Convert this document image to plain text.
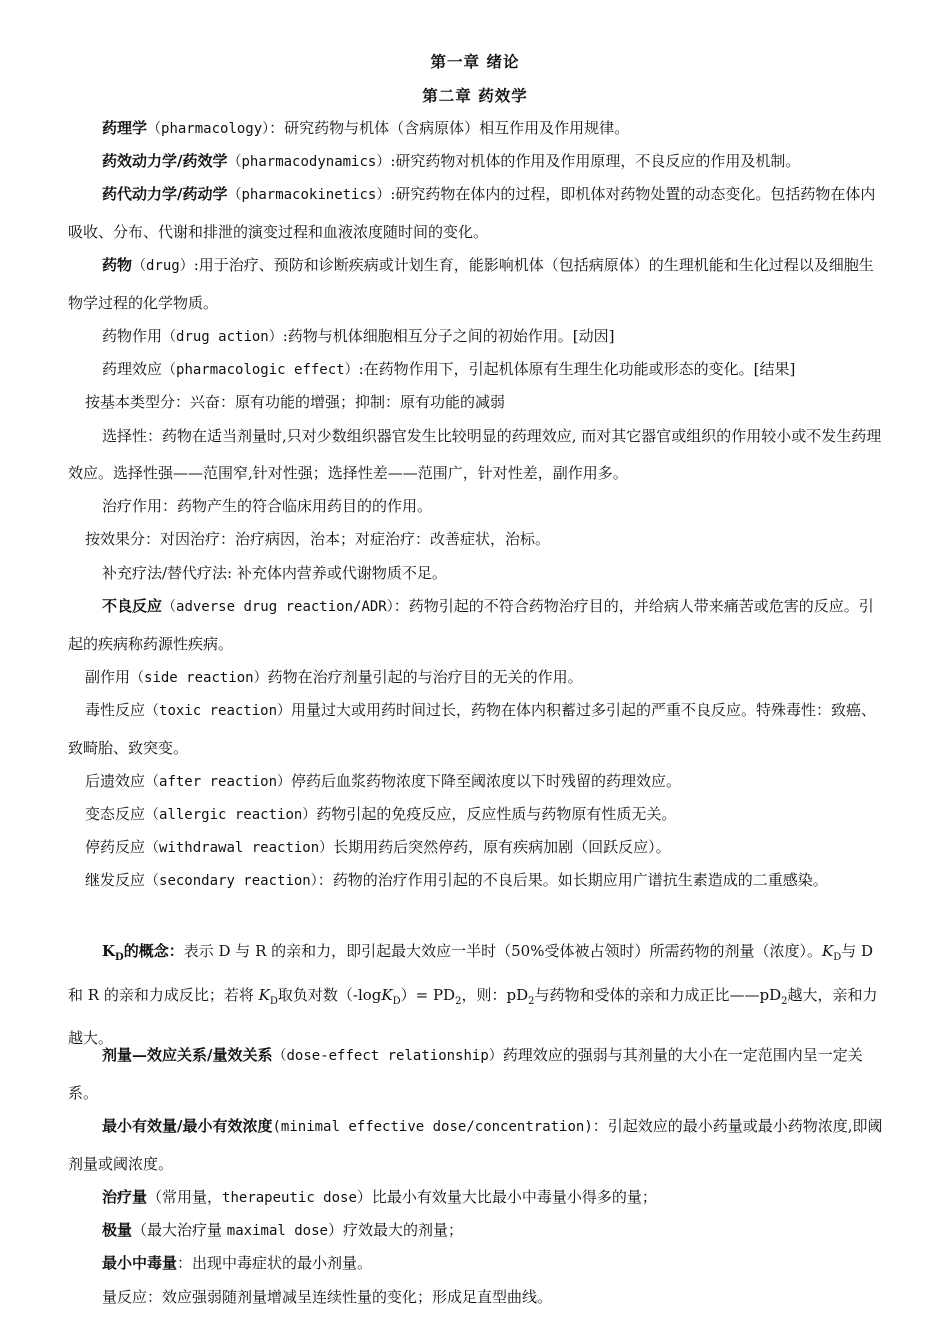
第一章 绪论
第二章 药效学
药理学（pharmacology）：研究药物与机体（含病原体）相互作用及作用规律。
药效动力学/药效学（pharmacodynamics）:研究药物对机体的作用及作用原理，不良反应的作用及机制。
药代动力学/药动学（pharmacokinetics）:研究药物在体内的过程，即机体对药物处置的动态变化。包括药物在体内吸收、分布、代谢和排泄的演变过程和血液浓度随时间的变化。
药物（drug）:用于治疗、预防和诊断疾病或计划生育，能影响机体（包括病原体）的生理机能和生化过程以及细胞生物学过程的化学物质。
药物作用（drug action）:药物与机体细胞相互分子之间的初始作用。[动因]
药理效应（pharmacologic effect）:在药物作用下，引起机体原有生理生化功能或形态的变化。[结果]
按基本类型分：兴奋：原有功能的增强；抑制：原有功能的减弱
选择性：药物在适当剂量时,只对少数组织器官发生比较明显的药理效应, 而对其它器官或组织的作用较小或不发生药理效应。选择性强——范围窄,针对性强；选择性差——范围广，针对性差，副作用多。
治疗作用：药物产生的符合临床用药目的的作用。
按效果分：对因治疗：治疗病因，治本；对症治疗：改善症状，治标。
补充疗法/替代疗法: 补充体内营养或代谢物质不足。
不良反应（adverse drug reaction/ADR）：药物引起的不符合药物治疗目的，并给病人带来痛苦或危害的反应。引起的疾病称药源性疾病。
副作用（side reaction）药物在治疗剂量引起的与治疗目的无关的作用。
毒性反应（toxic reaction）用量过大或用药时间过长，药物在体内积蓄过多引起的严重不良反应。特殊毒性：致癌、致畸胎、致突变。
后遗效应（after reaction）停药后血浆药物浓度下降至阈浓度以下时残留的药理效应。
变态反应（allergic reaction）药物引起的免疫反应，反应性质与药物原有性质无关。
停药反应（withdrawal reaction）长期用药后突然停药，原有疾病加剧（回跃反应）。
继发反应（secondary reaction）：药物的治疗作用引起的不良后果。如长期应用广谱抗生素造成的二重感染。
$K_D$的概念：表示 D 与 R 的亲和力，即引起最大效应一半时（50%受体被占领时）所需药物的剂量（浓度）。$K_D$与 D 和 R 的亲和力成反比；若将 $K_D$取负对数$(-\log K_D)= PD_2$，则：$pD_2$与药物和受体的亲和力成正比$——pD_2$越大，亲和力越大。
剂量—效应关系/量效关系（dose-effect relationship）药理效应的强弱与其剂量的大小在一定范围内呈一定关系。
最小有效量/最小有效浓度(minimal effective dose/concentration)：引起效应的最小药量或最小药物浓度,即阈剂量或阈浓度。
治疗量（常用量，therapeutic dose）比最小有效量大比最小中毒量小得多的量；
极量（最大治疗量 maximal dose）疗效最大的剂量；
最小中毒量：出现中毒症状的最小剂量。
量反应：效应强弱随剂量增减呈连续性量的变化；形成足直型曲线。
